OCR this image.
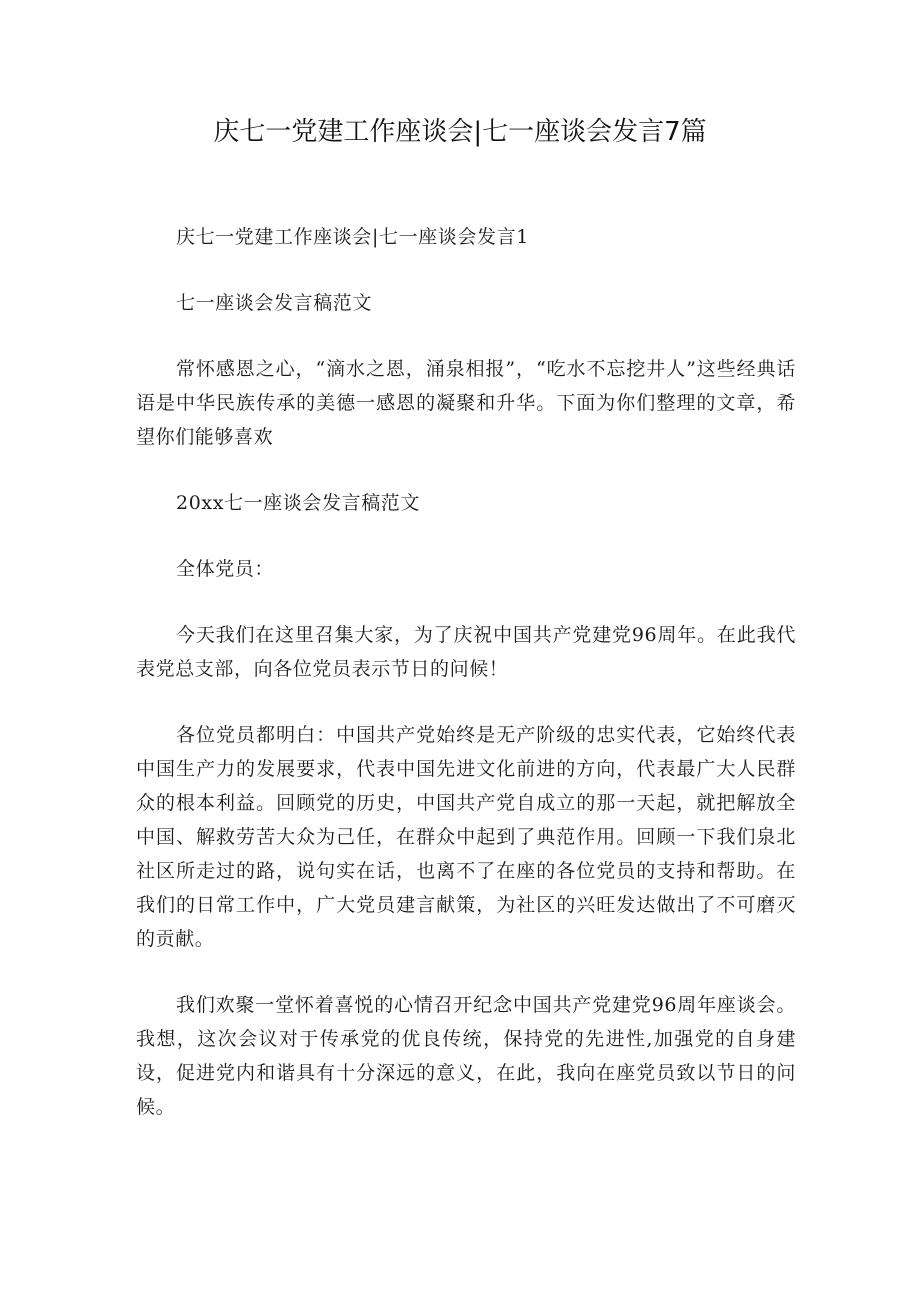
庆七一党建工作座谈会|七一座谈会发言7篇

庆七一党建工作座谈会|七一座谈会发言1

七一座谈会发言稿范文

常怀感恩之心，“滴水之恩，涌泉相报”，“吃水不忘挖井人”这些经典话语是中华民族传承的美德一感恩的凝聚和升华。下面为你们整理的文章，希望你们能够喜欢

20xx七一座谈会发言稿范文

全体党员：

今天我们在这里召集大家，为了庆祝中国共产党建党96周年。在此我代表党总支部，向各位党员表示节日的问候！

各位党员都明白：中国共产党始终是无产阶级的忠实代表，它始终代表中国生产力的发展要求，代表中国先进文化前进的方向，代表最广大人民群众的根本利益。回顾党的历史，中国共产党自成立的那一天起，就把解放全中国、解救劳苦大众为己任，在群众中起到了典范作用。回顾一下我们泉北社区所走过的路，说句实在话，也离不了在座的各位党员的支持和帮助。在我们的日常工作中，广大党员建言献策，为社区的兴旺发达做出了不可磨灭的贡献。

我们欢聚一堂怀着喜悦的心情召开纪念中国共产党建党96周年座谈会。我想，这次会议对于传承党的优良传统，保持党的先进性,加强党的自身建设，促进党内和谐具有十分深远的意义，在此，我向在座党员致以节日的问候。
